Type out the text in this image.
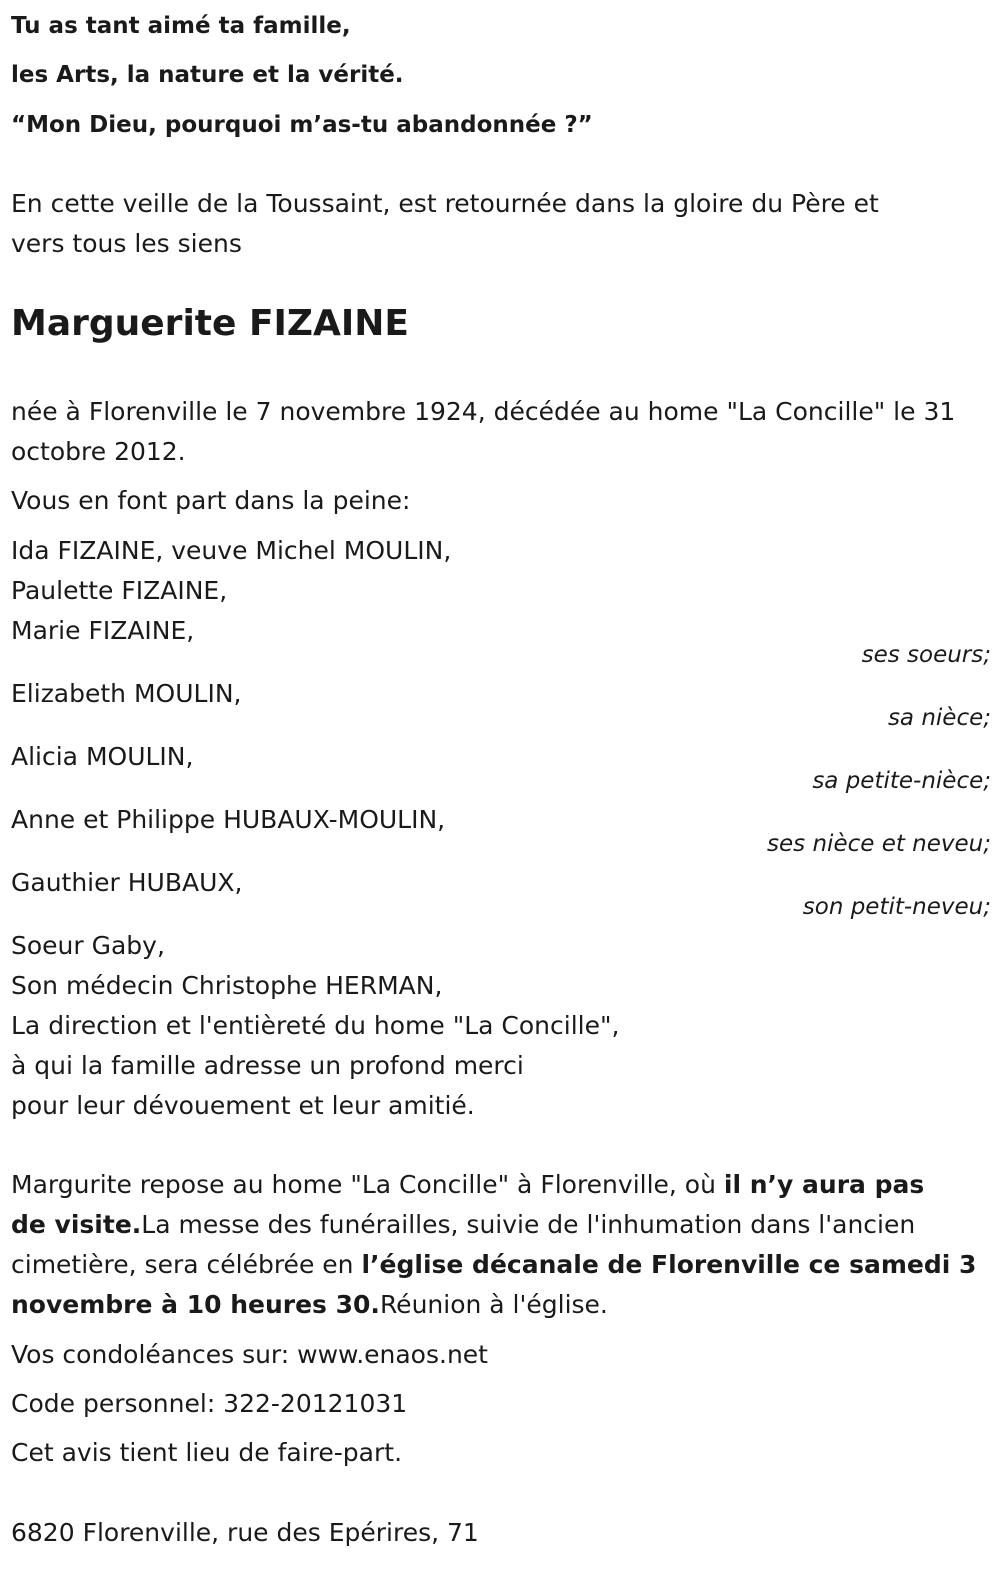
Tu as tant aimé ta famille,
les Arts, la nature et la vérité.
“Mon Dieu, pourquoi m’as-tu abandonnée ?”
En cette veille de la Toussaint, est retournée dans la gloire du Père et
vers tous les siens
Marguerite FIZAINE
née à Florenville le 7 novembre 1924, décédée au home "La Concille" le 31
octobre 2012.
Vous en font part dans la peine:
Ida FIZAINE, veuve Michel MOULIN,
Paulette FIZAINE,
Marie FIZAINE,
ses soeurs;
Elizabeth MOULIN,
sa nièce;
Alicia MOULIN,
sa petite-nièce;
Anne et Philippe HUBAUX-MOULIN,
ses nièce et neveu;
Gauthier HUBAUX,
son petit-neveu;
Soeur Gaby,
Son médecin Christophe HERMAN,
La direction et l'entièreté du home "La Concille",
à qui la famille adresse un profond merci
pour leur dévouement et leur amitié.
Margurite repose au home "La Concille" à Florenville, où il n’y aura pas
de visite.La messe des funérailles, suivie de l'inhumation dans l'ancien
cimetière, sera célébrée en l’église décanale de Florenville ce samedi 3
novembre à 10 heures 30.Réunion à l'église.
Vos condoléances sur: www.enaos.net
Code personnel: 322-20121031
Cet avis tient lieu de faire-part.
6820 Florenville, rue des Epérires, 71
